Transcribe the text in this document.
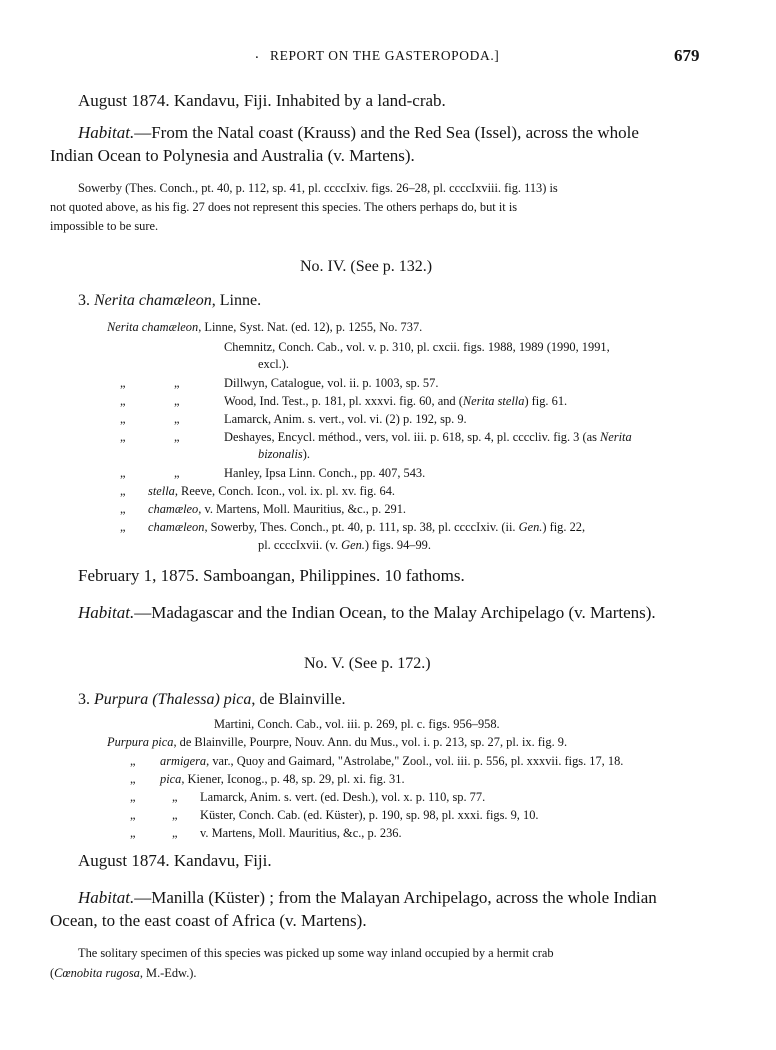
. REPORT ON THE GASTEROPODA.]	679
August 1874. Kandavu, Fiji. Inhabited by a land-crab.
Habitat.—From the Natal coast (Krauss) and the Red Sea (Issel), across the whole
Indian Ocean to Polynesia and Australia (v. Martens).
Sowerby (Thes. Conch., pt. 40, p. 112, sp. 41, pl. ccccIxiv. figs. 26–28, pl. ccccIxviii. fig. 113) is
not quoted above, as his fig. 27 does not represent this species. The others perhaps do, but it is
impossible to be sure.
No. IV. (See p. 132.)
3. Nerita chamæleon, Linne.
Nerita chamæleon, Linne, Syst. Nat. (ed. 12), p. 1255, No. 737.
Chemnitz, Conch. Cab., vol. v. p. 310, pl. cxcii. figs. 1988, 1989 (1990, 1991,
excl.).
„	„	Dillwyn, Catalogue, vol. ii. p. 1003, sp. 57.
„	„	Wood, Ind. Test., p. 181, pl. xxxvi. fig. 60, and (Nerita stella) fig. 61.
„	„	Lamarck, Anim. s. vert., vol. vi. (2) p. 192, sp. 9.
„	„	Deshayes, Encycl. méthod., vers, vol. iii. p. 618, sp. 4, pl. ccccliv. fig. 3 (as Nerita
bizonalis).
„	„	Hanley, Ipsa Linn. Conch., pp. 407, 543.
„ stella, Reeve, Conch. Icon., vol. ix. pl. xv. fig. 64.
„ chamæleo, v. Martens, Moll. Mauritius, &c., p. 291.
„ chamæleon, Sowerby, Thes. Conch., pt. 40, p. 111, sp. 38, pl. ccccIxiv. (ii. Gen.) fig. 22,
pl. ccccIxvii. (v. Gen.) figs. 94–99.
February 1, 1875. Samboangan, Philippines. 10 fathoms.
Habitat.—Madagascar and the Indian Ocean, to the Malay Archipelago (v. Martens).
No. V. (See p. 172.)
3. Purpura (Thalessa) pica, de Blainville.
Martini, Conch. Cab., vol. iii. p. 269, pl. c. figs. 956–958.
Purpura pica, de Blainville, Pourpre, Nouv. Ann. du Mus., vol. i. p. 213, sp. 27, pl. ix. fig. 9.
„ armigera, var., Quoy and Gaimard, "Astrolabe," Zool., vol. iii. p. 556, pl. xxxvii. figs. 17, 18.
„ pica, Kiener, Iconog., p. 48, sp. 29, pl. xi. fig. 31.
„	„ Lamarck, Anim. s. vert. (ed. Desh.), vol. x. p. 110, sp. 77.
„	„ Küster, Conch. Cab. (ed. Küster), p. 190, sp. 98, pl. xxxi. figs. 9, 10.
„	„ v. Martens, Moll. Mauritius, &c., p. 236.
August 1874. Kandavu, Fiji.
Habitat.—Manilla (Küster) ; from the Malayan Archipelago, across the whole Indian
Ocean, to the east coast of Africa (v. Martens).
The solitary specimen of this species was picked up some way inland occupied by a hermit crab
(Cœnobita rugosa, M.-Edw.).
